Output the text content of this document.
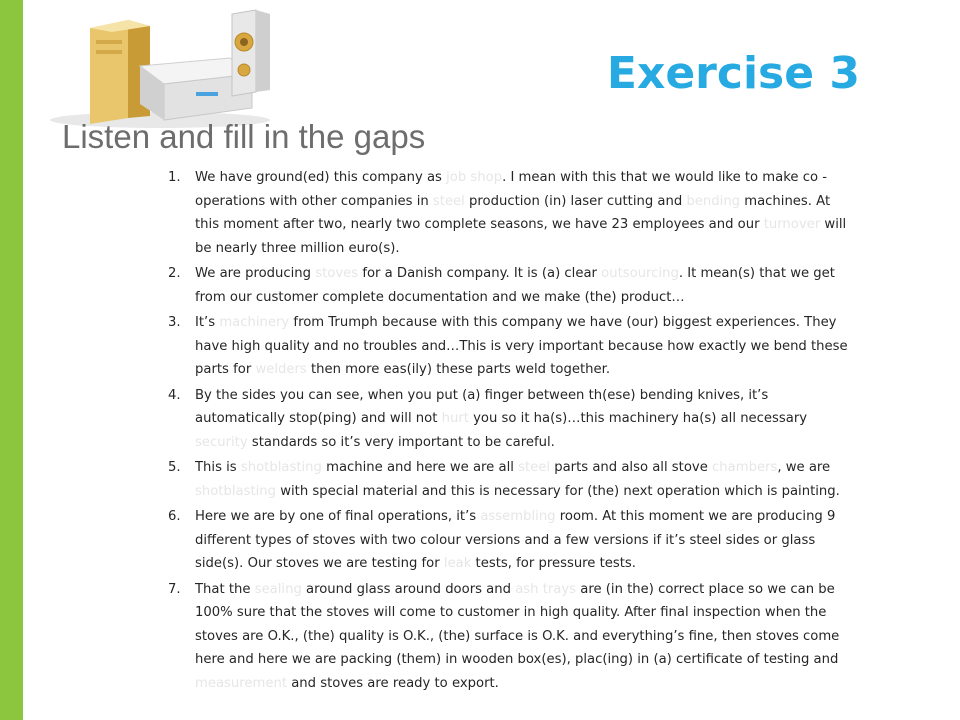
Exercise 3
Listen and fill in the gaps
1. We have ground(ed) this company as job shop. I mean with this that we would like to make co - operations with other companies in steel production (in) laser cutting and bending machines. At this moment after two, nearly two complete seasons, we have 23 employees and our turnover will be nearly three million euro(s).
2. We are producing stoves for a Danish company. It is (a) clear outsourcing. It mean(s) that we get from our customer complete documentation and we make (the) product…
3. It’s machinery from Trumph because with this company we have (our) biggest experiences. They have high quality and no troubles and…This is very important because how exactly we bend these parts for welders then more eas(ily) these parts weld together.
4. By the sides you can see, when you put (a) finger between th(ese) bending knives, it’s automatically stop(ping) and will not hurt you so it ha(s)…this machinery ha(s) all necessary security standards so it’s very important to be careful.
5. This is shotblasting machine and here we are all steel parts and also all stove chambers, we are shotblasting with special material and this is necessary for (the) next operation which is painting.
6. Here we are by one of final operations, it’s assembling room. At this moment we are producing 9 different types of stoves with two colour versions and a few versions if it’s steel sides or glass side(s). Our stoves we are testing for leak tests, for pressure tests.
7. That the sealing around glass around doors and ash trays are (in the) correct place so we can be 100% sure that the stoves will come to customer in high quality. After final inspection when the stoves are O.K., (the) quality is O.K., (the) surface is O.K. and everything’s fine, then stoves come here and here we are packing (them) in wooden box(es), plac(ing) in (a) certificate of testing and measurement and stoves are ready to export.
